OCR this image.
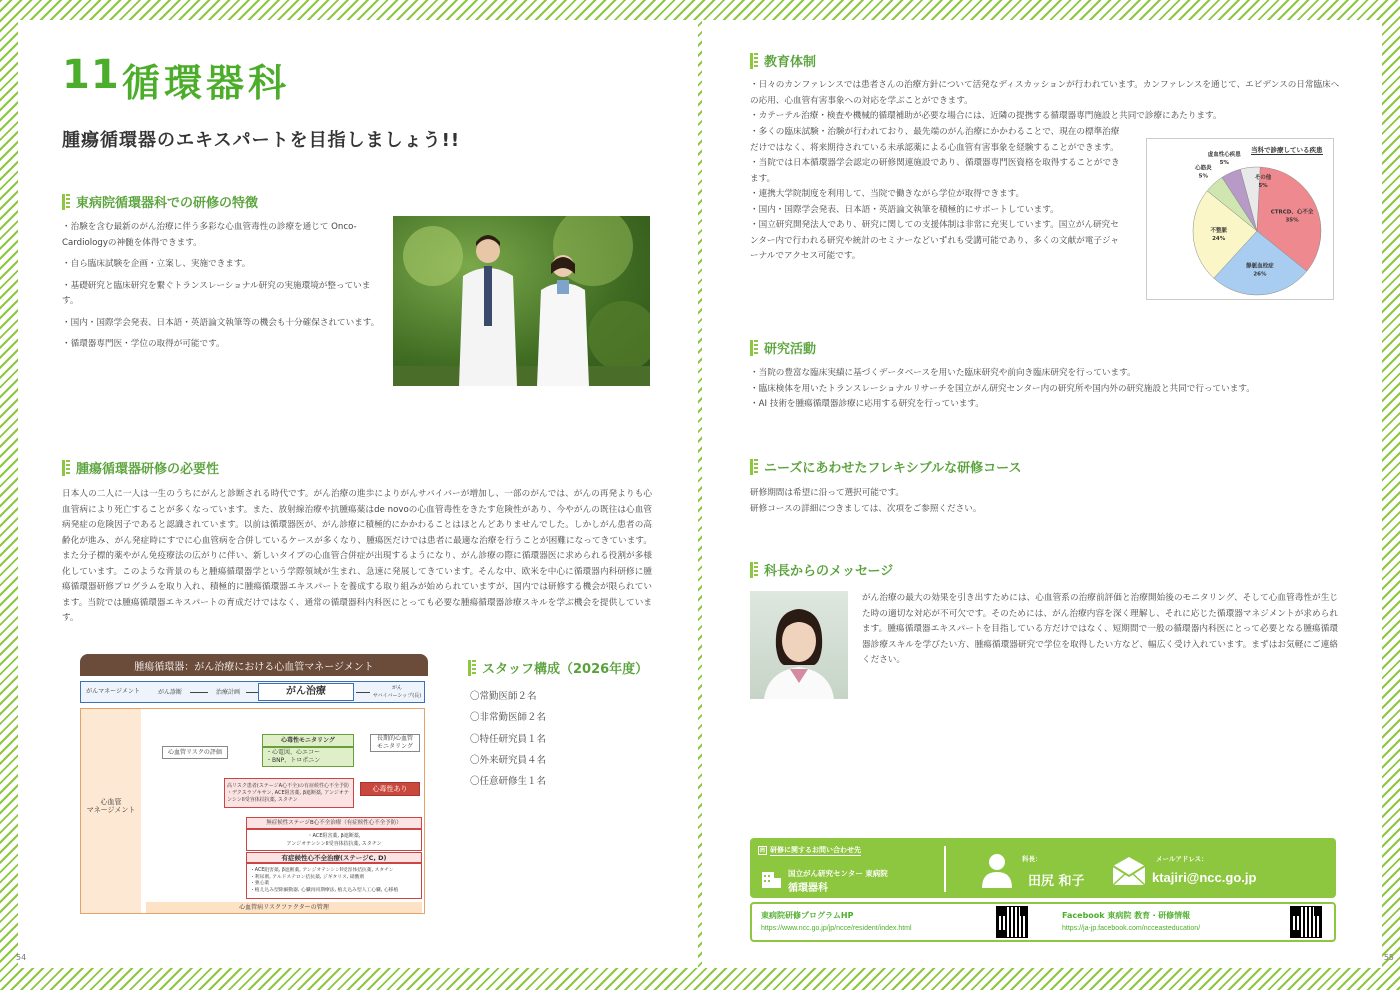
11 循環器科
腫瘍循環器のエキスパートを目指しましょう!!
東病院循環器科での研修の特徴
・治験を含む最新のがん治療に伴う多彩な心血管毒性の診療を通じて Onco-Cardiologyの神髄を体得できます。
・自ら臨床試験を企画・立案し、実施できます。
・基礎研究と臨床研究を繋ぐトランスレーショナル研究の実施環境が整っています。
・国内・国際学会発表、日本語・英語論文執筆等の機会も十分確保されています。
・循環器専門医・学位の取得が可能です。
腫瘍循環器研修の必要性

日本人の二人に一人は一生のうちにがんと診断される時代です。がん治療の進歩によりがんサバイバーが増加し、一部のがんでは、がんの再発よりも心血管病により死亡することが多くなっています。また、放射線治療や抗腫瘍薬はde novoの心血管毒性をきたす危険性があり、今やがんの既往は心血管病発症の危険因子であると認識されています。以前は循環器医が、がん診療に積極的にかかわることはほとんどありませんでした。しかしがん患者の高齢化が進み、がん発症時にすでに心血管病を合併しているケースが多くなり、腫瘍医だけでは患者に最適な治療を行うことが困難になってきています。また分子標的薬やがん免疫療法の広がりに伴い、新しいタイプの心血管合併症が出現するようになり、がん診療の際に循環器医に求められる役割が多様化しています。このような背景のもと腫瘍循環器学という学際領域が生まれ、急速に発展してきています。そんな中、欧米を中心に循環器内科研修に腫瘍循環器研修プログラムを取り入れ、積極的に腫瘍循環器エキスパートを養成する取り組みが始められていますが、国内では研修する機会が限られています。当院では腫瘍循環器エキスパートの育成だけではなく、通常の循環器科内科医にとっても必要な腫瘍循環器診療スキルを学ぶ機会を提供しています。

腫瘍循環器：がん治療における心血管マネージメント
がんマネージメント	がん診断	治療計画	がん治療	がん
サバイバーシップ(長)
心血管
マネージメント
心血管リスクの評価
心毒性モニタリング
・心電図、心エコー
・BNP、トロポニン
長期的心血管
モニタリング
高リスク患者(ステージA心不全)の有症候性心不全予防
・デクスラゾキサン, ACE阻害薬, β遮断薬, アンジオテンシンII受容体拮抗薬, スタチン
心毒性あり
無症候性ステージB心不全治療（有症候性心不全予防）
・ACE阻害薬, β遮断薬,
アンジオテンシンII受容体拮抗薬, スタチン
有症候性心不全治療(ステージC, D)
・ACE阻害薬, β遮断薬, アンジオテンシンII受容体拮抗薬, スタチン
・利尿剤, アルドステロン拮抗薬, ジギタリス, 硝酸剤
・強心薬
・植え込み型除細動器, 心臓再同期療法, 植え込み型人工心臓, 心移植
心血管病リスクファクターの管理
スタッフ構成（2026年度）
〇常勤医師２名
〇非常勤医師２名
〇特任研究員１名
〇外来研究員４名
〇任意研修生１名
54
教育体制
・日々のカンファレンスでは患者さんの治療方針について活発なディスカッションが行われています。カンファレンスを通じて、エビデンスの日常臨床への応用、心血管有害事象への対応を学ぶことができます。
・カテーテル治療・検査や機械的循環補助が必要な場合には、近隣の提携する循環器専門施設と共同で診療にあたります。
・多くの臨床試験・治験が行われており、最先端のがん治療にかかわることで、現在の標準治療だけではなく、将来期待されている未承認薬による心血管有害事象を経験することができます。
・当院では日本循環器学会認定の研修関連施設であり、循環器専門医資格を取得することができます。
・連携大学院制度を利用して、当院で働きながら学位が取得できます。
・国内・国際学会発表、日本語・英語論文執筆を積極的にサポートしています。
・国立研究開発法人であり、研究に関しての支援体制は非常に充実しています。国立がん研究センター内で行われる研究や統計のセミナーなどいずれも受講可能であり、多くの文献が電子ジャーナルでアクセス可能です。
当科で診療している疾患
CTRCD、心不全
35%
静脈血栓症
26%
不整脈
24%
心筋炎
5%
虚血性心疾患
5%
その他
5%
研究活動
・当院の豊富な臨床実績に基づくデータベースを用いた臨床研究や前向き臨床研究を行っています。
・臨床検体を用いたトランスレーショナルリサーチを国立がん研究センター内の研究所や国内外の研究施設と共同で行っています。
・AI 技術を腫瘍循環器診療に応用する研究を行っています。
ニーズにあわせたフレキシブルな研修コース
研修期間は希望に沿って選択可能です。
研修コースの詳細につきましては、次項をご参照ください。
科長からのメッセージ

がん治療の最大の効果を引き出すためには、心血管系の治療前評価と治療開始後のモニタリング、そして心血管毒性が生じた時の適切な対応が不可欠です。そのためには、がん治療内容を深く理解し、それに応じた循環器マネジメントが求められます。腫瘍循環器エキスパートを目指している方だけではなく、短期間で一般の循環器内科医にとって必要となる腫瘍循環器診療スキルを学びたい方、腫瘍循環器研究で学位を取得したい方など、幅広く受け入れています。まずはお気軽にご連絡ください。

問 研修に関するお問い合わせ先
国立がん研究センター 東病院
循環器科
科長：
田尻 和子
メールアドレス：
ktajiri@ncc.go.jp
東病院研修プログラムHP
https://www.ncc.go.jp/jp/ncce/resident/index.html
Facebook 東病院 教育・研修情報
https://ja-jp.facebook.com/ncceasteducation/
55
